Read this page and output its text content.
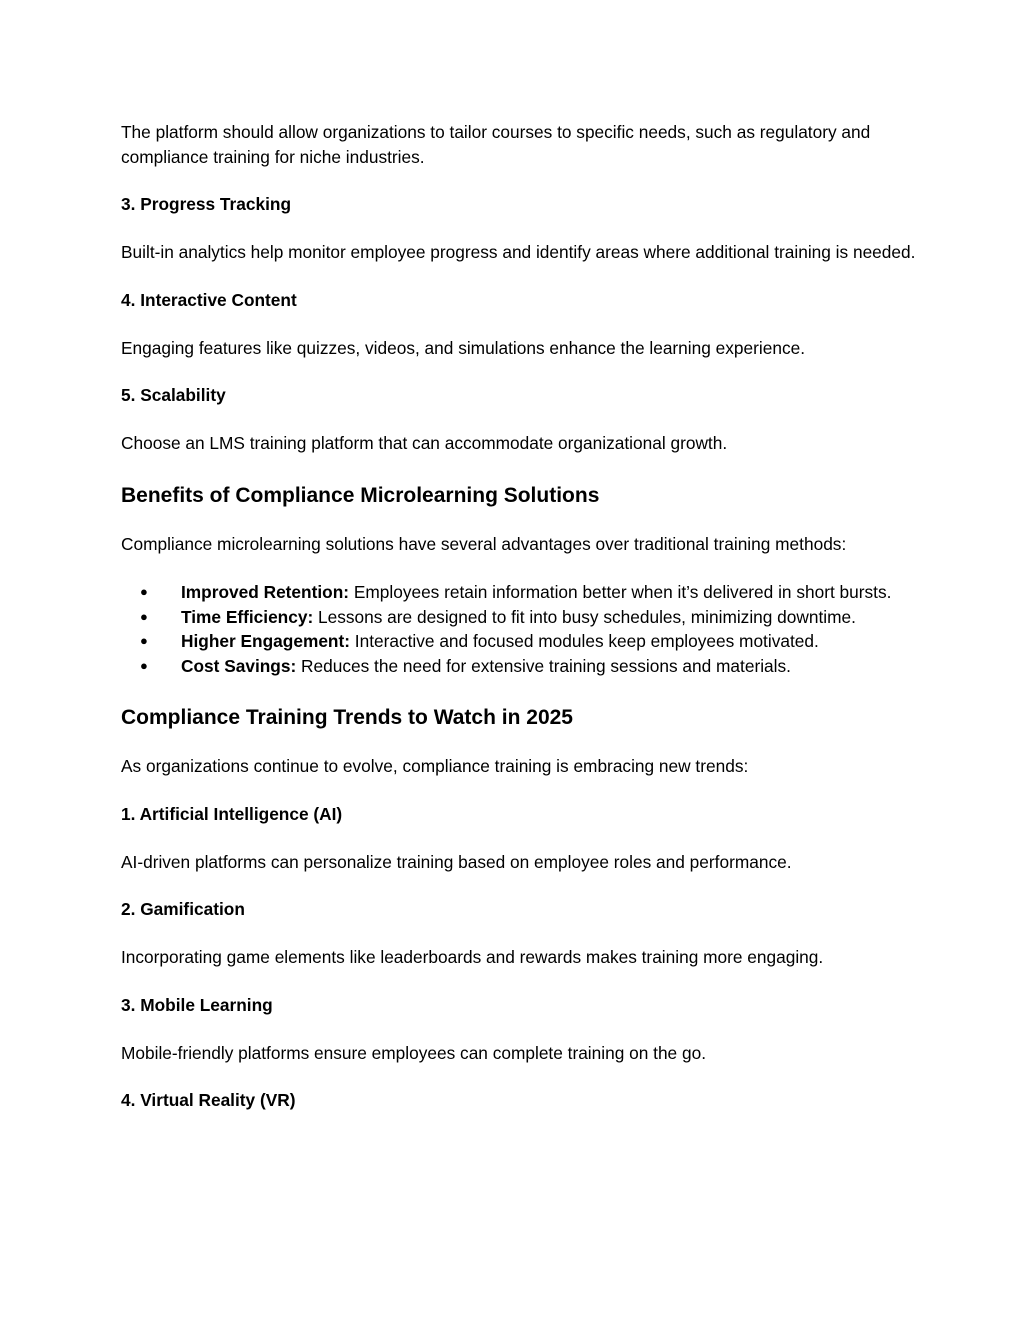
The platform should allow organizations to tailor courses to specific needs, such as regulatory and compliance training for niche industries.

3. Progress Tracking

Built-in analytics help monitor employee progress and identify areas where additional training is needed.

4. Interactive Content

Engaging features like quizzes, videos, and simulations enhance the learning experience.

5. Scalability

Choose an LMS training platform that can accommodate organizational growth.

Benefits of Compliance Microlearning Solutions

Compliance microlearning solutions have several advantages over traditional training methods:

● Improved Retention: Employees retain information better when it’s delivered in short bursts.
● Time Efficiency: Lessons are designed to fit into busy schedules, minimizing downtime.
● Higher Engagement: Interactive and focused modules keep employees motivated.
● Cost Savings: Reduces the need for extensive training sessions and materials.
Compliance Training Trends to Watch in 2025

As organizations continue to evolve, compliance training is embracing new trends:

1. Artificial Intelligence (AI)

AI-driven platforms can personalize training based on employee roles and performance.

2. Gamification

Incorporating game elements like leaderboards and rewards makes training more engaging.

3. Mobile Learning

Mobile-friendly platforms ensure employees can complete training on the go.

4. Virtual Reality (VR)
